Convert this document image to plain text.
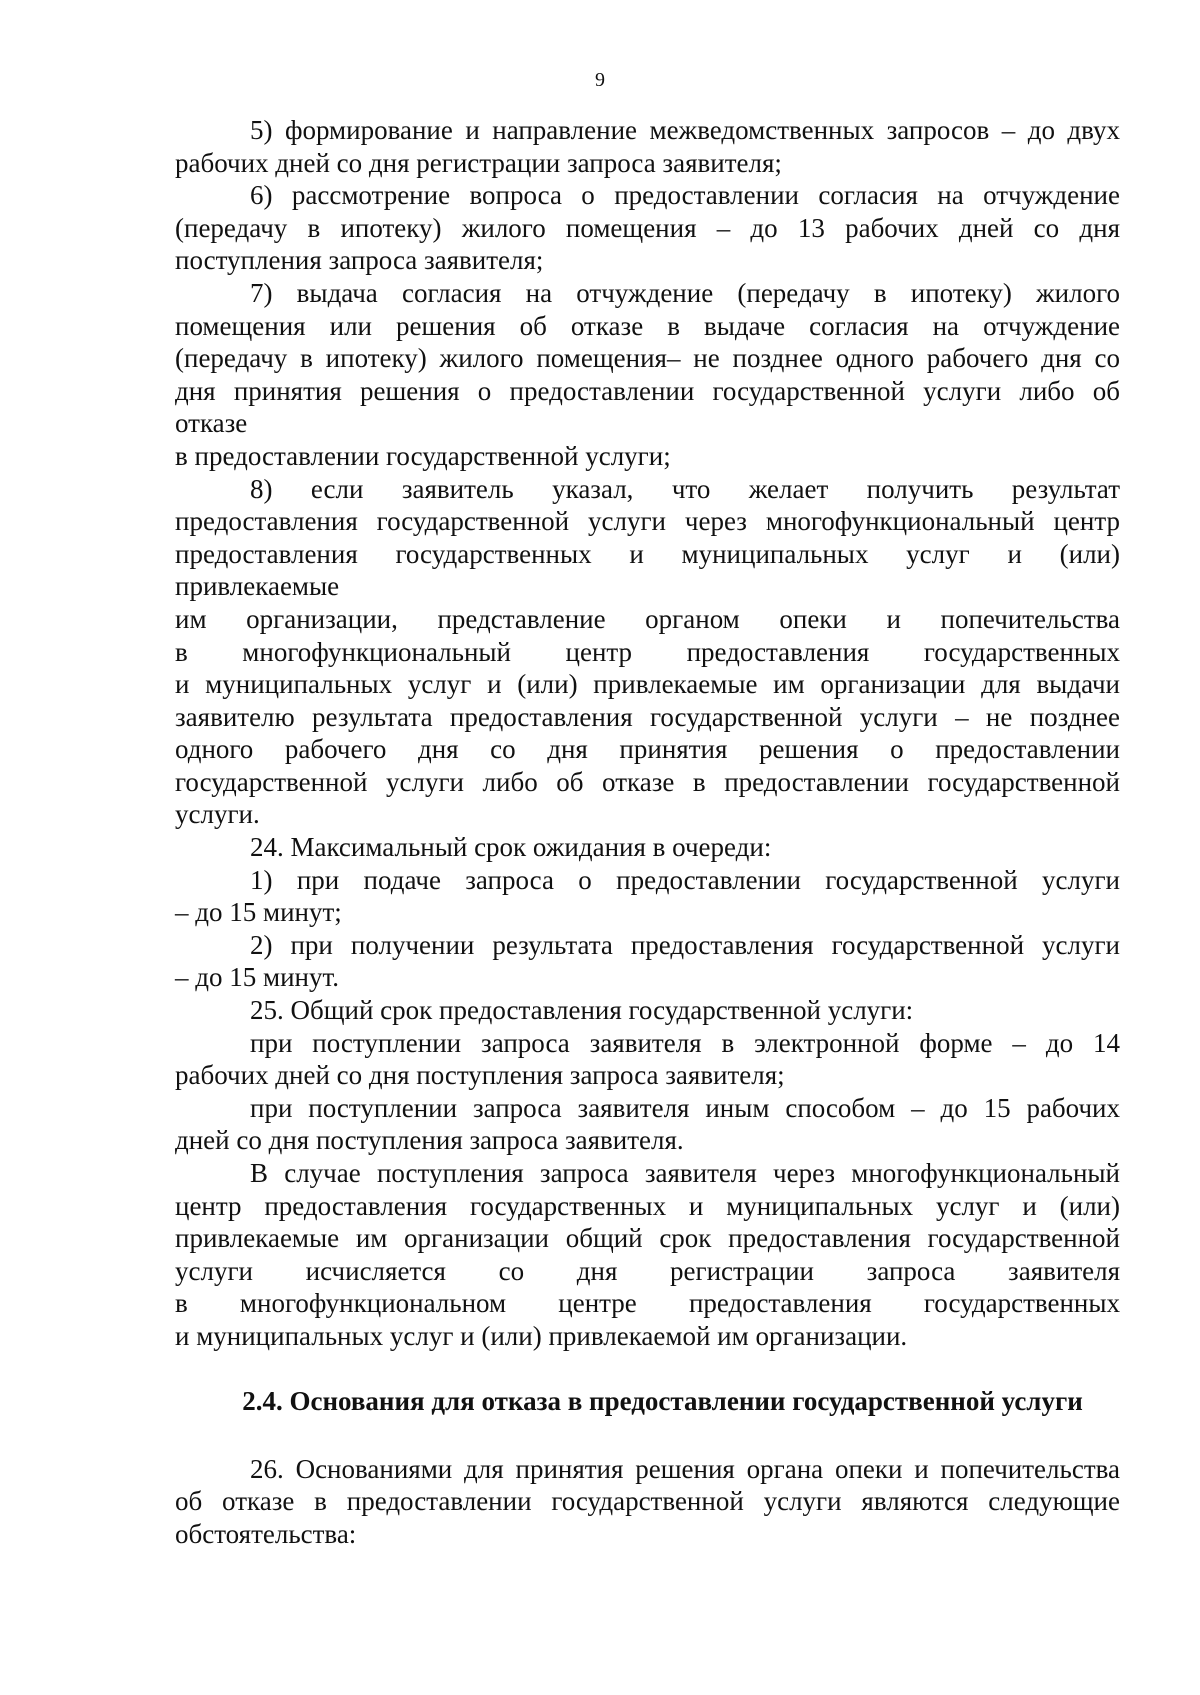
9
5) формирование и направление межведомственных запросов – до двух
рабочих дней со дня регистрации запроса заявителя;
6) рассмотрение вопроса о предоставлении согласия на отчуждение
(передачу в ипотеку) жилого помещения – до 13 рабочих дней со дня
поступления запроса заявителя;
7) выдача согласия на отчуждение (передачу в ипотеку) жилого
помещения или решения об отказе в выдаче согласия на отчуждение
(передачу в ипотеку) жилого помещения– не позднее одного рабочего дня со
дня принятия решения о предоставлении государственной услуги либо об
отказе
в предоставлении государственной услуги;
8) если заявитель указал, что желает получить результат
предоставления государственной услуги через многофункциональный центр
предоставления государственных и муниципальных услуг и (или)
привлекаемые
им организации, представление органом опеки и попечительства
в многофункциональный центр предоставления государственных
и муниципальных услуг и (или) привлекаемые им организации для выдачи
заявителю результата предоставления государственной услуги – не позднее
одного рабочего дня со дня принятия решения о предоставлении
государственной услуги либо об отказе в предоставлении государственной
услуги.
24. Максимальный срок ожидания в очереди:
1) при подаче запроса о предоставлении государственной услуги
– до 15 минут;
2) при получении результата предоставления государственной услуги
– до 15 минут.
25. Общий срок предоставления государственной услуги:
при поступлении запроса заявителя в электронной форме – до 14
рабочих дней со дня поступления запроса заявителя;
при поступлении запроса заявителя иным способом – до 15 рабочих
дней со дня поступления запроса заявителя.
В случае поступления запроса заявителя через многофункциональный
центр предоставления государственных и муниципальных услуг и (или)
привлекаемые им организации общий срок предоставления государственной
услуги исчисляется со дня регистрации запроса заявителя
в многофункциональном центре предоставления государственных
и муниципальных услуг и (или) привлекаемой им организации.
2.4. Основания для отказа в предоставлении государственной услуги
26. Основаниями для принятия решения органа опеки и попечительства
об отказе в предоставлении государственной услуги являются следующие
обстоятельства:
